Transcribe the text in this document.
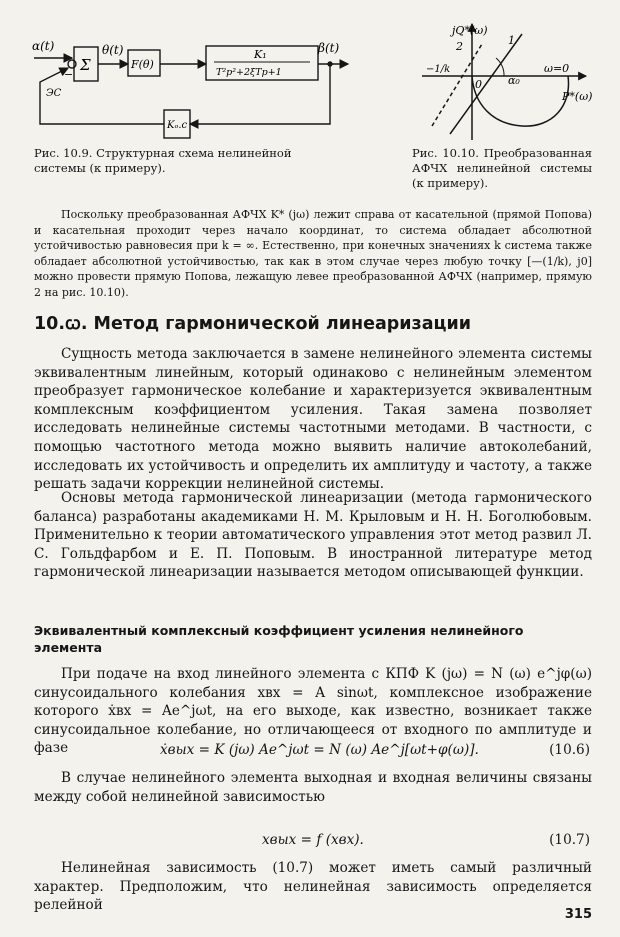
α(t)
−
Σ
θ(t)
F(θ)
K₁
T²p²+2ξTp+1
β(t)
ЭС
Kₒ.c
Рис. 10.9. Структурная схема нелинейной системы (к примеру).
jQ*(ω)
P*(ω)
2	1
−1/k
0 α₀
ω=0
Рис. 10.10. Преобразованная АФЧХ нелинейной системы (к примеру).
Поскольку преобразованная АФЧХ K* (jω) лежит справа от касательной (прямой Попова) и касательная проходит через начало координат, то система обладает абсолютной устойчивостью равновесия при k = ∞. Естественно, при конечных значениях k система также обладает абсолютной устойчивостью, так как в этом случае через любую точку [—(1/k), j0] можно провести прямую Попова, лежащую левее преобразованной АФЧХ (например, прямую 2 на рис. 10.10).
10.ꞷ. Метод гармонической линеаризации
Сущность метода заключается в замене нелинейного элемента системы эквивалентным линейным, который одинаково с нелинейным элементом преобразует гармоническое колебание и характеризуется эквивалентным комплексным коэффициентом усиления. Такая замена позволяет исследовать нелинейные системы частотными методами. В частности, с помощью частотного метода можно выявить наличие автоколебаний, исследовать их устойчивость и определить их амплитуду и частоту, а также решать задачи коррекции нелинейной системы.
Основы метода гармонической линеаризации (метода гармонического баланса) разработаны академиками Н. М. Крыловым и Н. Н. Боголюбовым. Применительно к теории автоматического управления этот метод развил Л. С. Гольдфарбом и Е. П. Поповым. В иностранной литературе метод гармонической линеаризации называется методом описывающей функции.
Эквивалентный комплексный коэффициент усиления нелинейного элемента
При подаче на вход линейного элемента с КПФ K (jω) = N (ω) e^jφ(ω) синусоидального колебания xвх = A sinωt, комплексное изображение которого ẋвх = Ae^jωt, на его выходе, как известно, возникает также синусоидальное колебание, но отличающееся от входного по амплитуде и фазе	ẋвых = K (jω) Ae^jωt = N (ω) Ae^j[ωt+φ(ω)].	(10.6)
В случае нелинейного элемента выходная и входная величины связаны между собой нелинейной зависимостью
xвых = f (xвх).	(10.7)
Нелинейная зависимость (10.7) может иметь самый различный характер. Предположим, что нелинейная зависимость определяется релейной
315
